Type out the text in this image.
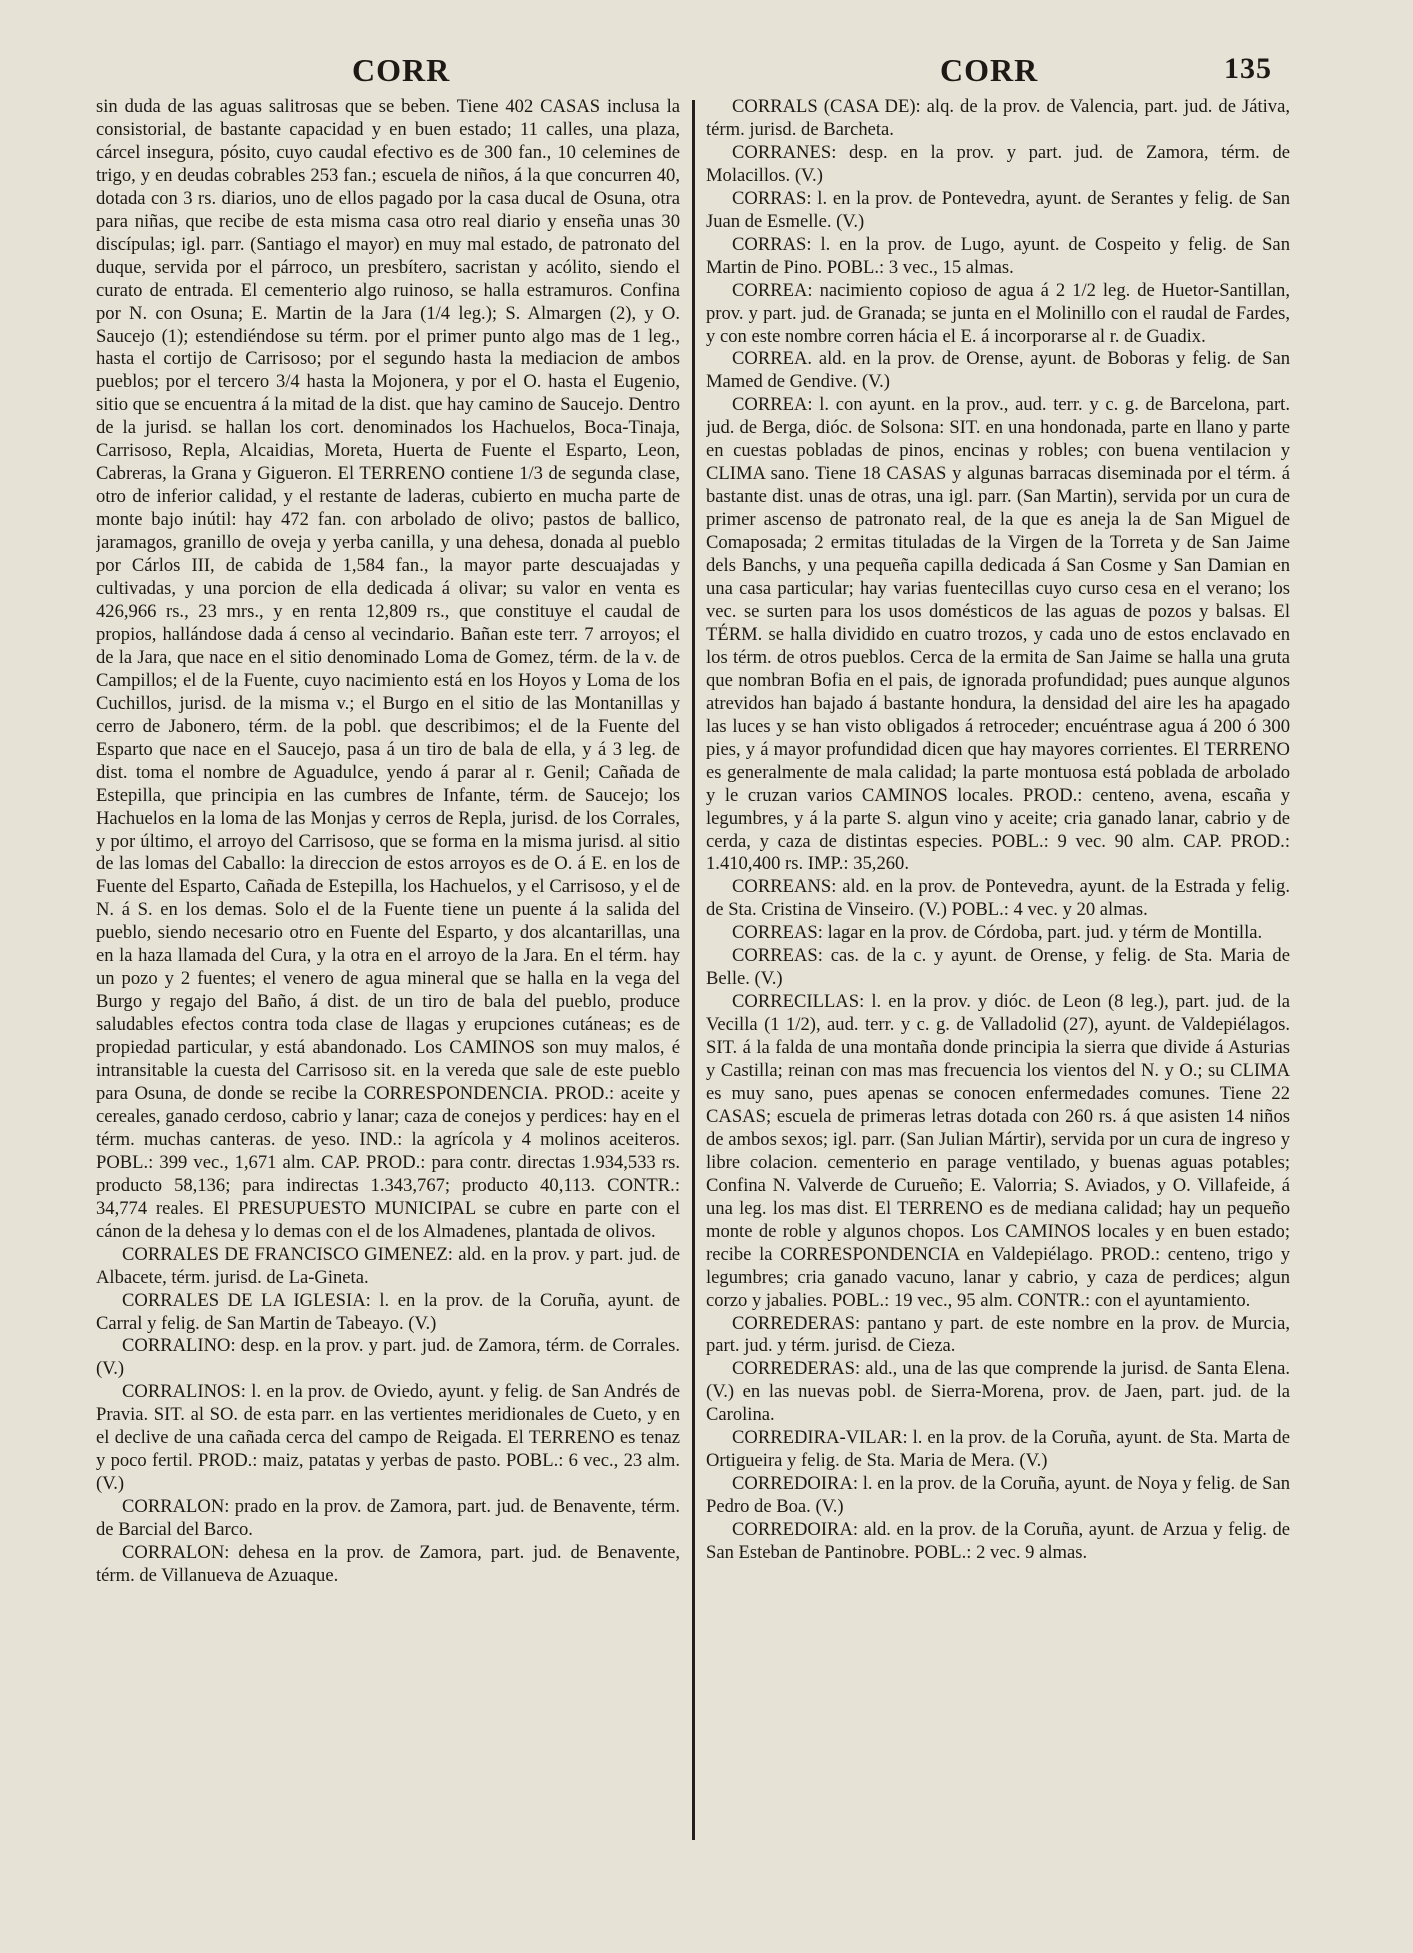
CORR	CORR	135

sin duda de las aguas salitrosas que se beben. Tiene 402 CASAS inclusa la consistorial, de bastante capacidad y en buen estado; 11 calles, una plaza, cárcel insegura, pósito, cuyo caudal efectivo es de 300 fan., 10 celemines de trigo, y en deudas cobrables 253 fan.; escuela de niños, á la que concurren 40, dotada con 3 rs. diarios, uno de ellos pagado por la casa ducal de Osuna, otra para niñas, que recibe de esta misma casa otro real diario y enseña unas 30 discípulas; igl. parr. (Santiago el mayor) en muy mal estado, de patronato del duque, servida por el párroco, un presbítero, sacristan y acólito, siendo el curato de entrada. El cementerio algo ruinoso, se halla estramuros. Confina por N. con Osuna; E. Martin de la Jara (1/4 leg.); S. Almargen (2), y O. Saucejo (1); estendiéndose su térm. por el primer punto algo mas de 1 leg., hasta el cortijo de Carrisoso; por el segundo hasta la mediacion de ambos pueblos; por el tercero 3/4 hasta la Mojonera, y por el O. hasta el Eugenio, sitio que se encuentra á la mitad de la dist. que hay camino de Saucejo. Dentro de la jurisd. se hallan los cort. denominados los Hachuelos, Boca-Tinaja, Carrisoso, Repla, Alcaidias, Moreta, Huerta de Fuente el Esparto, Leon, Cabreras, la Grana y Gigueron. El TERRENO contiene 1/3 de segunda clase, otro de inferior calidad, y el restante de laderas, cubierto en mucha parte de monte bajo inútil: hay 472 fan. con arbolado de olivo; pastos de ballico, jaramagos, granillo de oveja y yerba canilla, y una dehesa, donada al pueblo por Cárlos III, de cabida de 1,584 fan., la mayor parte descuajadas y cultivadas, y una porcion de ella dedicada á olivar; su valor en venta es 426,966 rs., 23 mrs., y en renta 12,809 rs., que constituye el caudal de propios, hallándose dada á censo al vecindario. Bañan este terr. 7 arroyos; el de la Jara, que nace en el sitio denominado Loma de Gomez, térm. de la v. de Campillos; el de la Fuente, cuyo nacimiento está en los Hoyos y Loma de los Cuchillos, jurisd. de la misma v.; el Burgo en el sitio de las Montanillas y cerro de Jabonero, térm. de la pobl. que describimos; el de la Fuente del Esparto que nace en el Saucejo, pasa á un tiro de bala de ella, y á 3 leg. de dist. toma el nombre de Aguadulce, yendo á parar al r. Genil; Cañada de Estepilla, que principia en las cumbres de Infante, térm. de Saucejo; los Hachuelos en la loma de las Monjas y cerros de Repla, jurisd. de los Corrales, y por último, el arroyo del Carrisoso, que se forma en la misma jurisd. al sitio de las lomas del Caballo: la direccion de estos arroyos es de O. á E. en los de Fuente del Esparto, Cañada de Estepilla, los Hachuelos, y el Carrisoso, y el de N. á S. en los demas. Solo el de la Fuente tiene un puente á la salida del pueblo, siendo necesario otro en Fuente del Esparto, y dos alcantarillas, una en la haza llamada del Cura, y la otra en el arroyo de la Jara. En el térm. hay un pozo y 2 fuentes; el venero de agua mineral que se halla en la vega del Burgo y regajo del Baño, á dist. de un tiro de bala del pueblo, produce saludables efectos contra toda clase de llagas y erupciones cutáneas; es de propiedad particular, y está abandonado. Los CAMINOS son muy malos, é intransitable la cuesta del Carrisoso sit. en la vereda que sale de este pueblo para Osuna, de donde se recibe la CORRESPONDENCIA. PROD.: aceite y cereales, ganado cerdoso, cabrio y lanar; caza de conejos y perdices: hay en el térm. muchas canteras. de yeso. IND.: la agrícola y 4 molinos aceiteros. POBL.: 399 vec., 1,671 alm. CAP. PROD.: para contr. directas 1.934,533 rs. producto 58,136; para indirectas 1.343,767; producto 40,113. CONTR.: 34,774 reales. El PRESUPUESTO MUNICIPAL se cubre en parte con el cánon de la dehesa y lo demas con el de los Almadenes, plantada de olivos.

CORRALES DE FRANCISCO GIMENEZ: ald. en la prov. y part. jud. de Albacete, térm. jurisd. de La-Gineta.

CORRALES DE LA IGLESIA: l. en la prov. de la Coruña, ayunt. de Carral y felig. de San Martin de Tabeayo. (V.)

CORRALINO: desp. en la prov. y part. jud. de Zamora, térm. de Corrales. (V.)

CORRALINOS: l. en la prov. de Oviedo, ayunt. y felig. de San Andrés de Pravia. SIT. al SO. de esta parr. en las vertientes meridionales de Cueto, y en el declive de una cañada cerca del campo de Reigada. El TERRENO es tenaz y poco fertil. PROD.: maiz, patatas y yerbas de pasto. POBL.: 6 vec., 23 alm. (V.)

CORRALON: prado en la prov. de Zamora, part. jud. de Benavente, térm. de Barcial del Barco.

CORRALON: dehesa en la prov. de Zamora, part. jud. de Benavente, térm. de Villanueva de Azuaque.

CORRALS (CASA DE): alq. de la prov. de Valencia, part. jud. de Játiva, térm. jurisd. de Barcheta.

CORRANES: desp. en la prov. y part. jud. de Zamora, térm. de Molacillos. (V.)

CORRAS: l. en la prov. de Pontevedra, ayunt. de Serantes y felig. de San Juan de Esmelle. (V.)

CORRAS: l. en la prov. de Lugo, ayunt. de Cospeito y felig. de San Martin de Pino. POBL.: 3 vec., 15 almas.

CORREA: nacimiento copioso de agua á 2 1/2 leg. de Huetor-Santillan, prov. y part. jud. de Granada; se junta en el Molinillo con el raudal de Fardes, y con este nombre corren hácia el E. á incorporarse al r. de Guadix.

CORREA. ald. en la prov. de Orense, ayunt. de Boboras y felig. de San Mamed de Gendive. (V.)

CORREA: l. con ayunt. en la prov., aud. terr. y c. g. de Barcelona, part. jud. de Berga, dióc. de Solsona: SIT. en una hondonada, parte en llano y parte en cuestas pobladas de pinos, encinas y robles; con buena ventilacion y CLIMA sano. Tiene 18 CASAS y algunas barracas diseminada por el térm. á bastante dist. unas de otras, una igl. parr. (San Martin), servida por un cura de primer ascenso de patronato real, de la que es aneja la de San Miguel de Comaposada; 2 ermitas tituladas de la Virgen de la Torreta y de San Jaime dels Banchs, y una pequeña capilla dedicada á San Cosme y San Damian en una casa particular; hay varias fuentecillas cuyo curso cesa en el verano; los vec. se surten para los usos domésticos de las aguas de pozos y balsas. El TÉRM. se halla dividido en cuatro trozos, y cada uno de estos enclavado en los térm. de otros pueblos. Cerca de la ermita de San Jaime se halla una gruta que nombran Bofia en el pais, de ignorada profundidad; pues aunque algunos atrevidos han bajado á bastante hondura, la densidad del aire les ha apagado las luces y se han visto obligados á retroceder; encuéntrase agua á 200 ó 300 pies, y á mayor profundidad dicen que hay mayores corrientes. El TERRENO es generalmente de mala calidad; la parte montuosa está poblada de arbolado y le cruzan varios CAMINOS locales. PROD.: centeno, avena, escaña y legumbres, y á la parte S. algun vino y aceite; cria ganado lanar, cabrio y de cerda, y caza de distintas especies. POBL.: 9 vec. 90 alm. CAP. PROD.: 1.410,400 rs. IMP.: 35,260.

CORREANS: ald. en la prov. de Pontevedra, ayunt. de la Estrada y felig. de Sta. Cristina de Vinseiro. (V.) POBL.: 4 vec. y 20 almas.

CORREAS: lagar en la prov. de Córdoba, part. jud. y térm de Montilla.

CORREAS: cas. de la c. y ayunt. de Orense, y felig. de Sta. Maria de Belle. (V.)

CORRECILLAS: l. en la prov. y dióc. de Leon (8 leg.), part. jud. de la Vecilla (1 1/2), aud. terr. y c. g. de Valladolid (27), ayunt. de Valdepiélagos. SIT. á la falda de una montaña donde principia la sierra que divide á Asturias y Castilla; reinan con mas mas frecuencia los vientos del N. y O.; su CLIMA es muy sano, pues apenas se conocen enfermedades comunes. Tiene 22 CASAS; escuela de primeras letras dotada con 260 rs. á que asisten 14 niños de ambos sexos; igl. parr. (San Julian Mártir), servida por un cura de ingreso y libre colacion. cementerio en parage ventilado, y buenas aguas potables; Confina N. Valverde de Curueño; E. Valorria; S. Aviados, y O. Villafeide, á una leg. los mas dist. El TERRENO es de mediana calidad; hay un pequeño monte de roble y algunos chopos. Los CAMINOS locales y en buen estado; recibe la CORRESPONDENCIA en Valdepiélago. PROD.: centeno, trigo y legumbres; cria ganado vacuno, lanar y cabrio, y caza de perdices; algun corzo y jabalies. POBL.: 19 vec., 95 alm. CONTR.: con el ayuntamiento.

CORREDERAS: pantano y part. de este nombre en la prov. de Murcia, part. jud. y térm. jurisd. de Cieza.

CORREDERAS: ald., una de las que comprende la jurisd. de Santa Elena. (V.) en las nuevas pobl. de Sierra-Morena, prov. de Jaen, part. jud. de la Carolina.

CORREDIRA-VILAR: l. en la prov. de la Coruña, ayunt. de Sta. Marta de Ortigueira y felig. de Sta. Maria de Mera. (V.)

CORREDOIRA: l. en la prov. de la Coruña, ayunt. de Noya y felig. de San Pedro de Boa. (V.)

CORREDOIRA: ald. en la prov. de la Coruña, ayunt. de Arzua y felig. de San Esteban de Pantinobre. POBL.: 2 vec. 9 almas.
